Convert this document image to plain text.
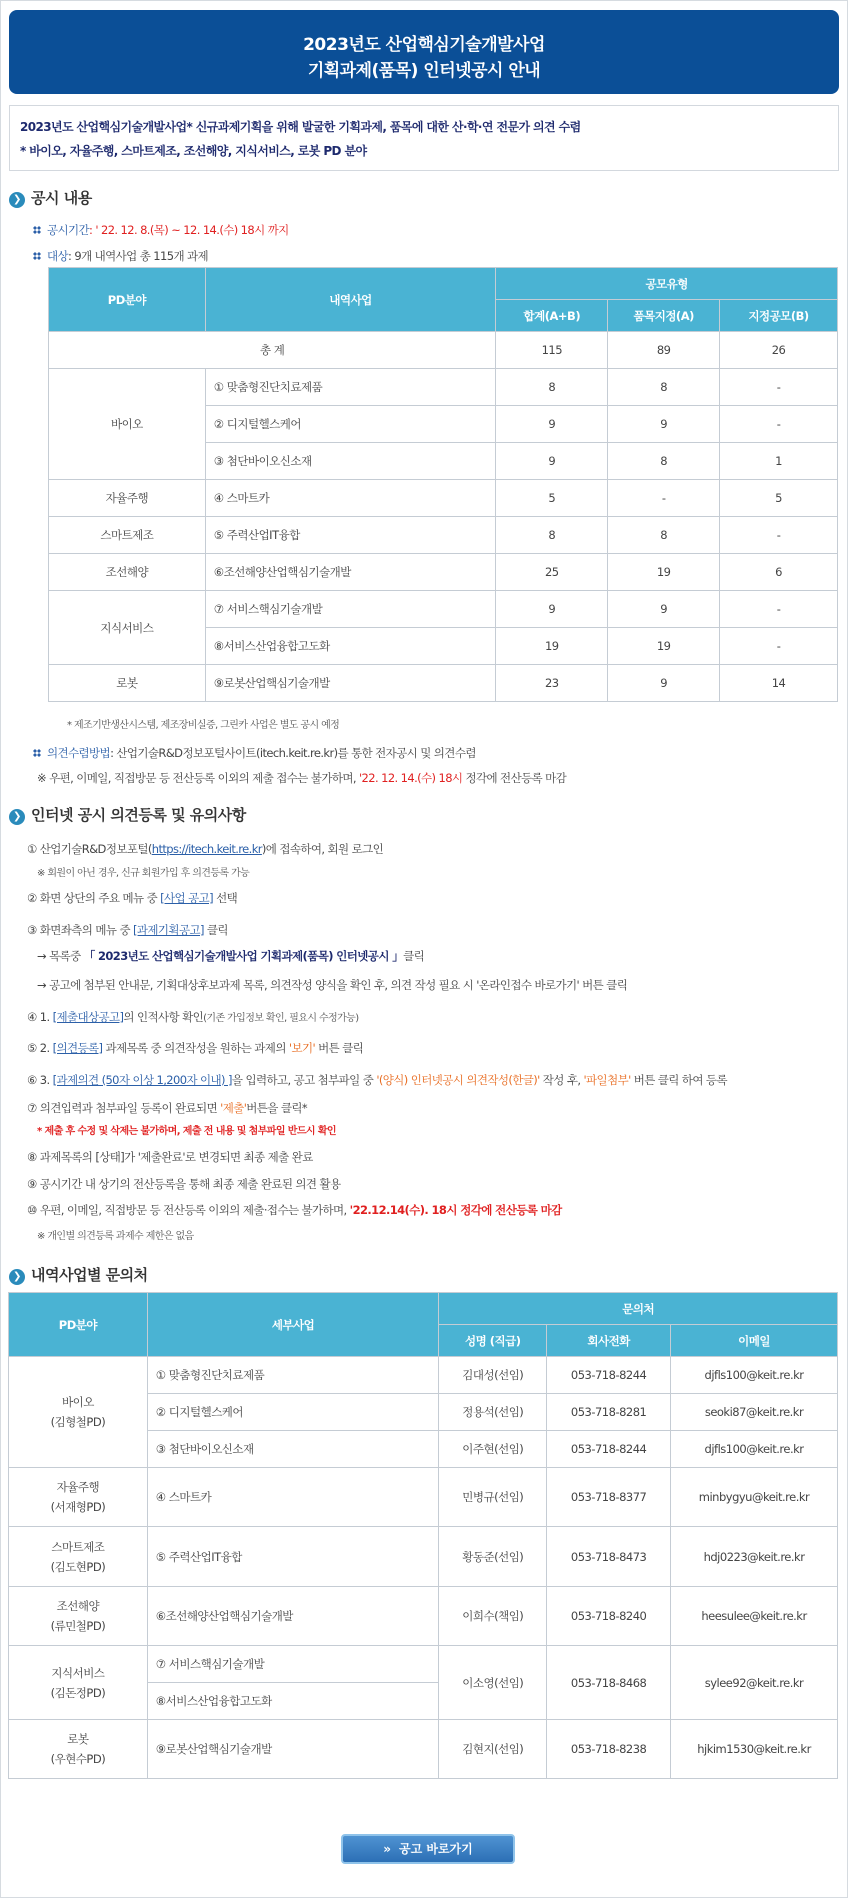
2023년도 산업핵심기술개발사업
기획과제(품목) 인터넷공시 안내
2023년도 산업핵심기술개발사업* 신규과제기획을 위해 발굴한 기획과제, 품목에 대한 산·학·연 전문가 의견 수렴
* 바이오, 자율주행, 스마트제조, 조선해양, 지식서비스, 로봇 PD 분야
❯ 공시 내용
공시기간: ' 22. 12. 8.(목) ~ 12. 14.(수) 18시 까지
대상: 9개 내역사업 총 115개 과제
PD분야	내역사업	공모유형		
		합계(A+B)	품목지정(A)	지정공모(B)
총 계		115	89	26
바이오	① 맞춤형진단치료제품	8	8	-
	② 디지털헬스케어	9	9	-
	③ 첨단바이오신소재	9	8	1
자율주행	④ 스마트카	5	-	5
스마트제조	⑤ 주력산업IT융합	8	8	-
조선해양	⑥조선해양산업핵심기술개발	25	19	6
지식서비스	⑦ 서비스핵심기술개발	9	9	-
	⑧서비스산업융합고도화	19	19	-
로봇	⑨로봇산업핵심기술개발	23	9	14
* 제조기반생산시스템, 제조장비실증, 그린카 사업은 별도 공시 예정
의견수렴방법: 산업기술R&D정보포털사이트(itech.keit.re.kr)를 통한 전자공시 및 의견수렴
※ 우편, 이메일, 직접방문 등 전산등록 이외의 제출 접수는 불가하며, '22. 12. 14.(수) 18시 정각에 전산등록 마감
❯ 인터넷 공시 의견등록 및 유의사항
① 산업기술R&D정보포털(https://itech.keit.re.kr)에 접속하여, 회원 로그인
※ 회원이 아닌 경우, 신규 회원가입 후 의견등록 가능
② 화면 상단의 주요 메뉴 중 [사업 공고] 선택
③ 화면좌측의 메뉴 중 [과제기획공고] 클릭
→ 목록중 「 2023년도 산업핵심기술개발사업 기획과제(품목) 인터넷공시 」클릭
→ 공고에 첨부된 안내문, 기획대상후보과제 목록, 의견작성 양식을 확인 후, 의견 작성 필요 시 '온라인접수 바로가기' 버튼 클릭
④ 1. [제출대상공고]의 인적사항 확인(기존 가입정보 확인, 필요시 수정가능)
⑤ 2. [의견등록] 과제목록 중 의견작성을 원하는 과제의 '보기' 버튼 클릭
⑥ 3. [과제의견 (50자 이상 1,200자 이내) ]을 입력하고, 공고 첨부파일 중 '(양식) 인터넷공시 의견작성(한글)' 작성 후, '파일첨부' 버튼 클릭 하여 등록
⑦ 의견입력과 첨부파일 등록이 완료되면 '제출'버튼을 클릭*
* 제출 후 수정 및 삭제는 불가하며, 제출 전 내용 및 첨부파일 반드시 확인
⑧ 과제목록의 [상태]가 '제출완료'로 변경되면 최종 제출 완료
⑨ 공시기간 내 상기의 전산등록을 통해 최종 제출 완료된 의견 활용
⑩ 우편, 이메일, 직접방문 등 전산등록 이외의 제출·접수는 불가하며, '22.12.14(수). 18시 정각에 전산등록 마감
※ 개인별 의견등록 과제수 제한은 없음
❯ 내역사업별 문의처
PD분야	세부사업	문의처		
		성명 (직급)	회사전화	이메일
바이오
(김형철PD)	① 맞춤형진단치료제품	김대성(선임)	053-718-8244	djfls100@keit.re.kr
	② 디지털헬스케어	정용석(선임)	053-718-8281	seoki87@keit.re.kr
	③ 첨단바이오신소재	이주현(선임)	053-718-8244	djfls100@keit.re.kr
자율주행
(서재형PD)	④ 스마트카	민병규(선임)	053-718-8377	minbygyu@keit.re.kr
스마트제조
(김도현PD)	⑤ 주력산업IT융합	황동준(선임)	053-718-8473	hdj0223@keit.re.kr
조선해양
(류민철PD)	⑥조선해양산업핵심기술개발	이희수(책임)	053-718-8240	heesulee@keit.re.kr
지식서비스
(김돈정PD)	⑦ 서비스핵심기술개발	이소영(선임)	053-718-8468	sylee92@keit.re.kr
	⑧서비스산업융합고도화			
로봇
(우현수PD)	⑨로봇산업핵심기술개발	김현지(선임)	053-718-8238	hjkim1530@keit.re.kr
» 공고 바로가기
